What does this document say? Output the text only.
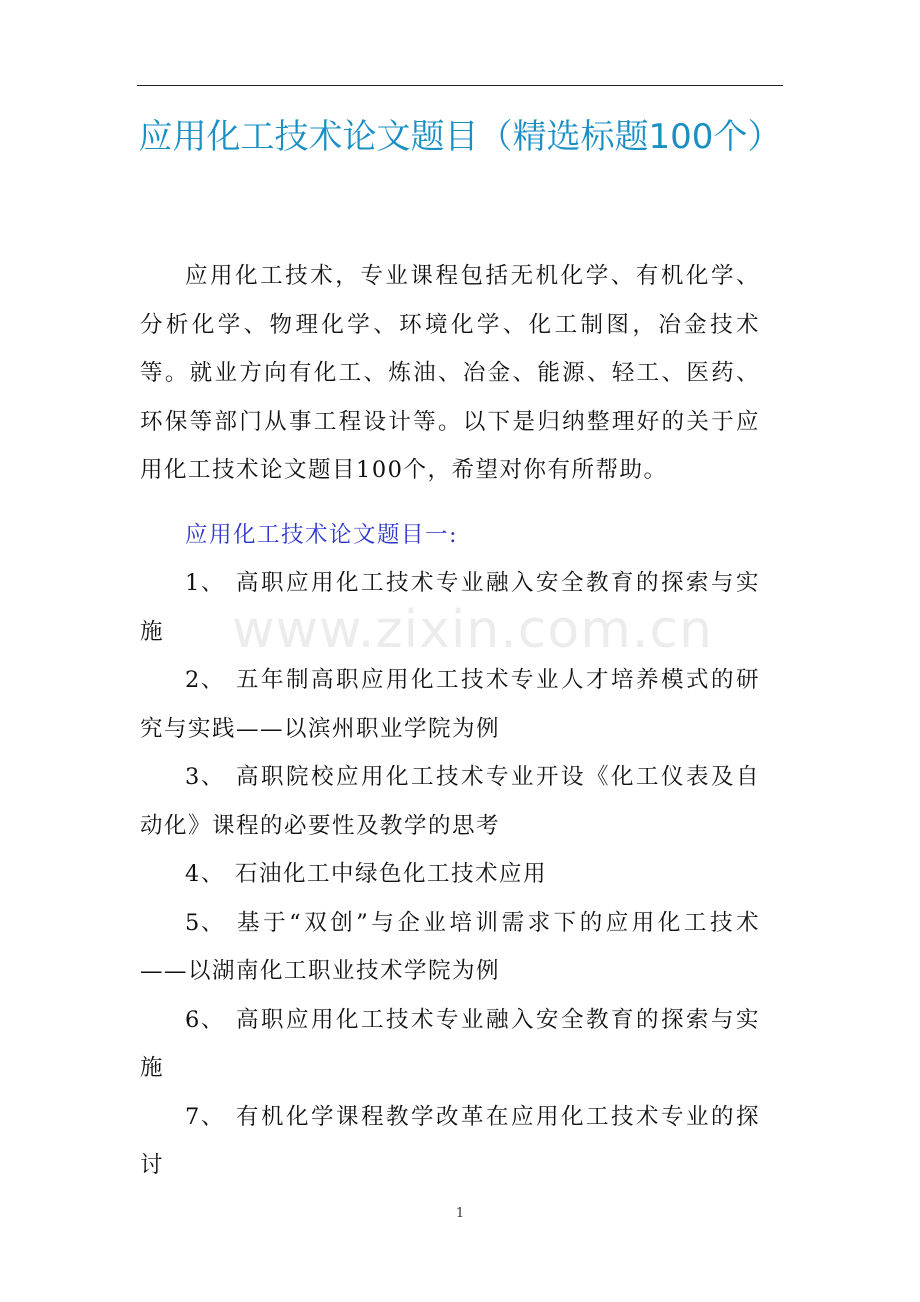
应用化工技术论文题目（精选标题100个）

应用化工技术，专业课程包括无机化学、有机化学、分析化学、物理化学、环境化学、化工制图，冶金技术等。就业方向有化工、炼油、冶金、能源、轻工、医药、环保等部门从事工程设计等。以下是归纳整理好的关于应用化工技术论文题目100个，希望对你有所帮助。

应用化工技术论文题目一:

1、 高职应用化工技术专业融入安全教育的探索与实施

2、 五年制高职应用化工技术专业人才培养模式的研究与实践——以滨州职业学院为例

3、 高职院校应用化工技术专业开设《化工仪表及自动化》课程的必要性及教学的思考

4、 石油化工中绿色化工技术应用

5、 基于“双创”与企业培训需求下的应用化工技术——以湖南化工职业技术学院为例

6、 高职应用化工技术专业融入安全教育的探索与实施

7、 有机化学课程教学改革在应用化工技术专业的探讨

www.zixin.com.cn
1
